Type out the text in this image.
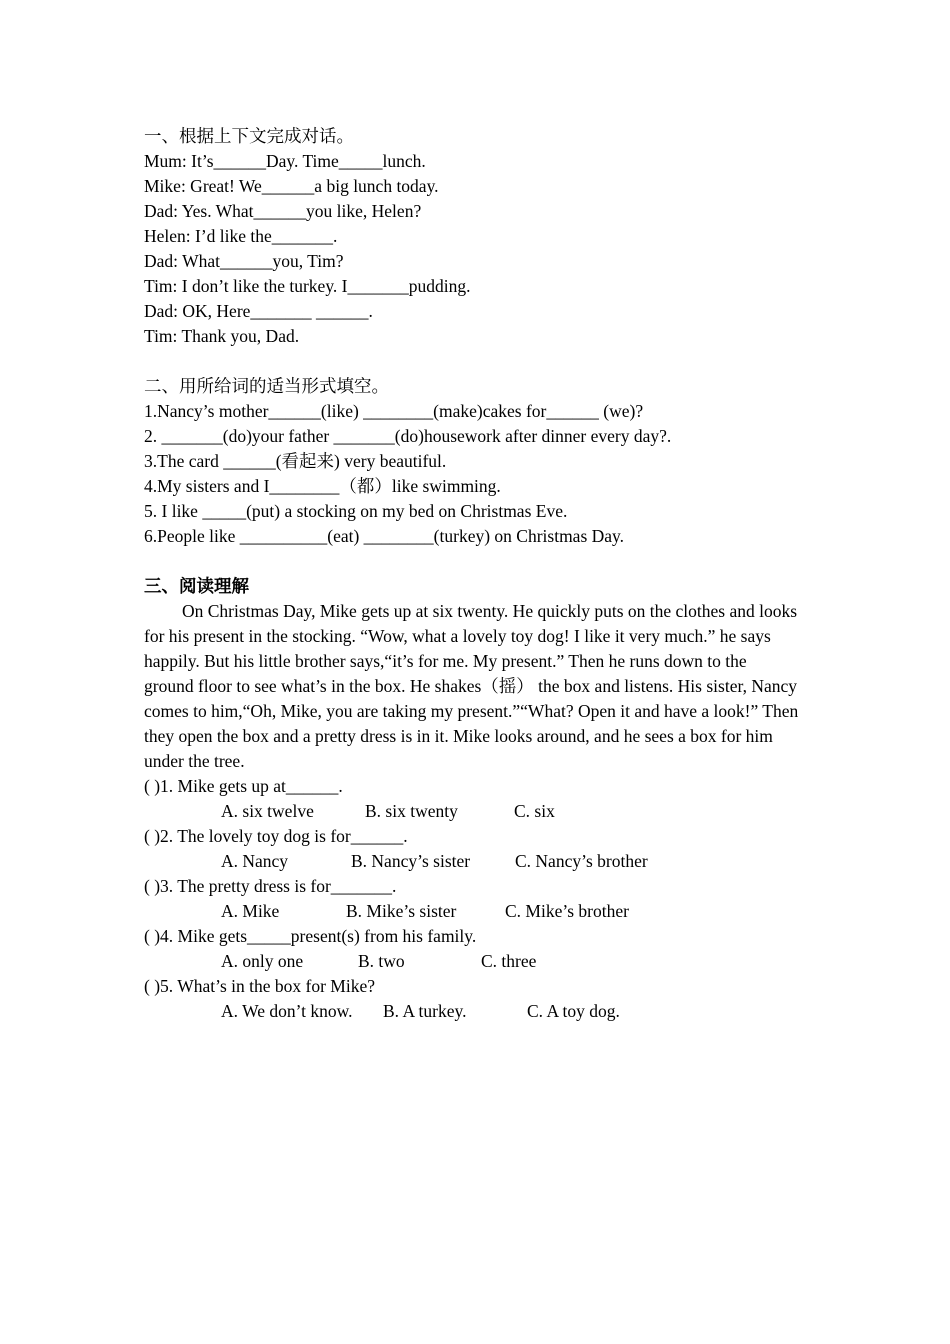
一、根据上下文完成对话。
Mum: It’s______Day. Time_____lunch.
Mike: Great! We______a big lunch today.
Dad: Yes. What______you like, Helen?
Helen: I’d like the_______.
Dad: What______you, Tim?
Tim: I don’t like the turkey. I_______pudding.
Dad: OK, Here_______ ______.
Tim: Thank you, Dad.
二、用所给词的适当形式填空。
1.Nancy’s mother______(like) ________(make)cakes for______ (we)?
2. _______(do)your father _______(do)housework after dinner every day?.
3.The card ______(看起来) very beautiful.
4.My sisters and I________（都）like swimming.
5. I like _____(put) a stocking on my bed on Christmas Eve.
6.People like __________(eat) ________(turkey) on Christmas Day.
三、阅读理解
On Christmas Day, Mike gets up at six twenty. He quickly puts on the clothes and looks for his present in the stocking. “Wow, what a lovely toy dog! I like it very much.” he says happily. But his little brother says,“it’s for me. My present.” Then he runs down to the ground floor to see what’s in the box. He shakes（摇） the box and listens. His sister, Nancy comes to him,“Oh, Mike, you are taking my present.”“What? Open it and have a look!” Then they open the box and a pretty dress is in it. Mike looks around, and he sees a box for him under the tree.
( )1. Mike gets up at______.
A. six twelve	B. six twenty	C. six
( )2. The lovely toy dog is for______.
A. Nancy	B. Nancy’s sister	C. Nancy’s brother
( )3. The pretty dress is for_______.
A. Mike	B. Mike’s sister	C. Mike’s brother
( )4. Mike gets_____present(s) from his family.
A. only one	B. two	C. three
( )5. What’s in the box for Mike?
A. We don’t know. B. A turkey.	C. A toy dog.
